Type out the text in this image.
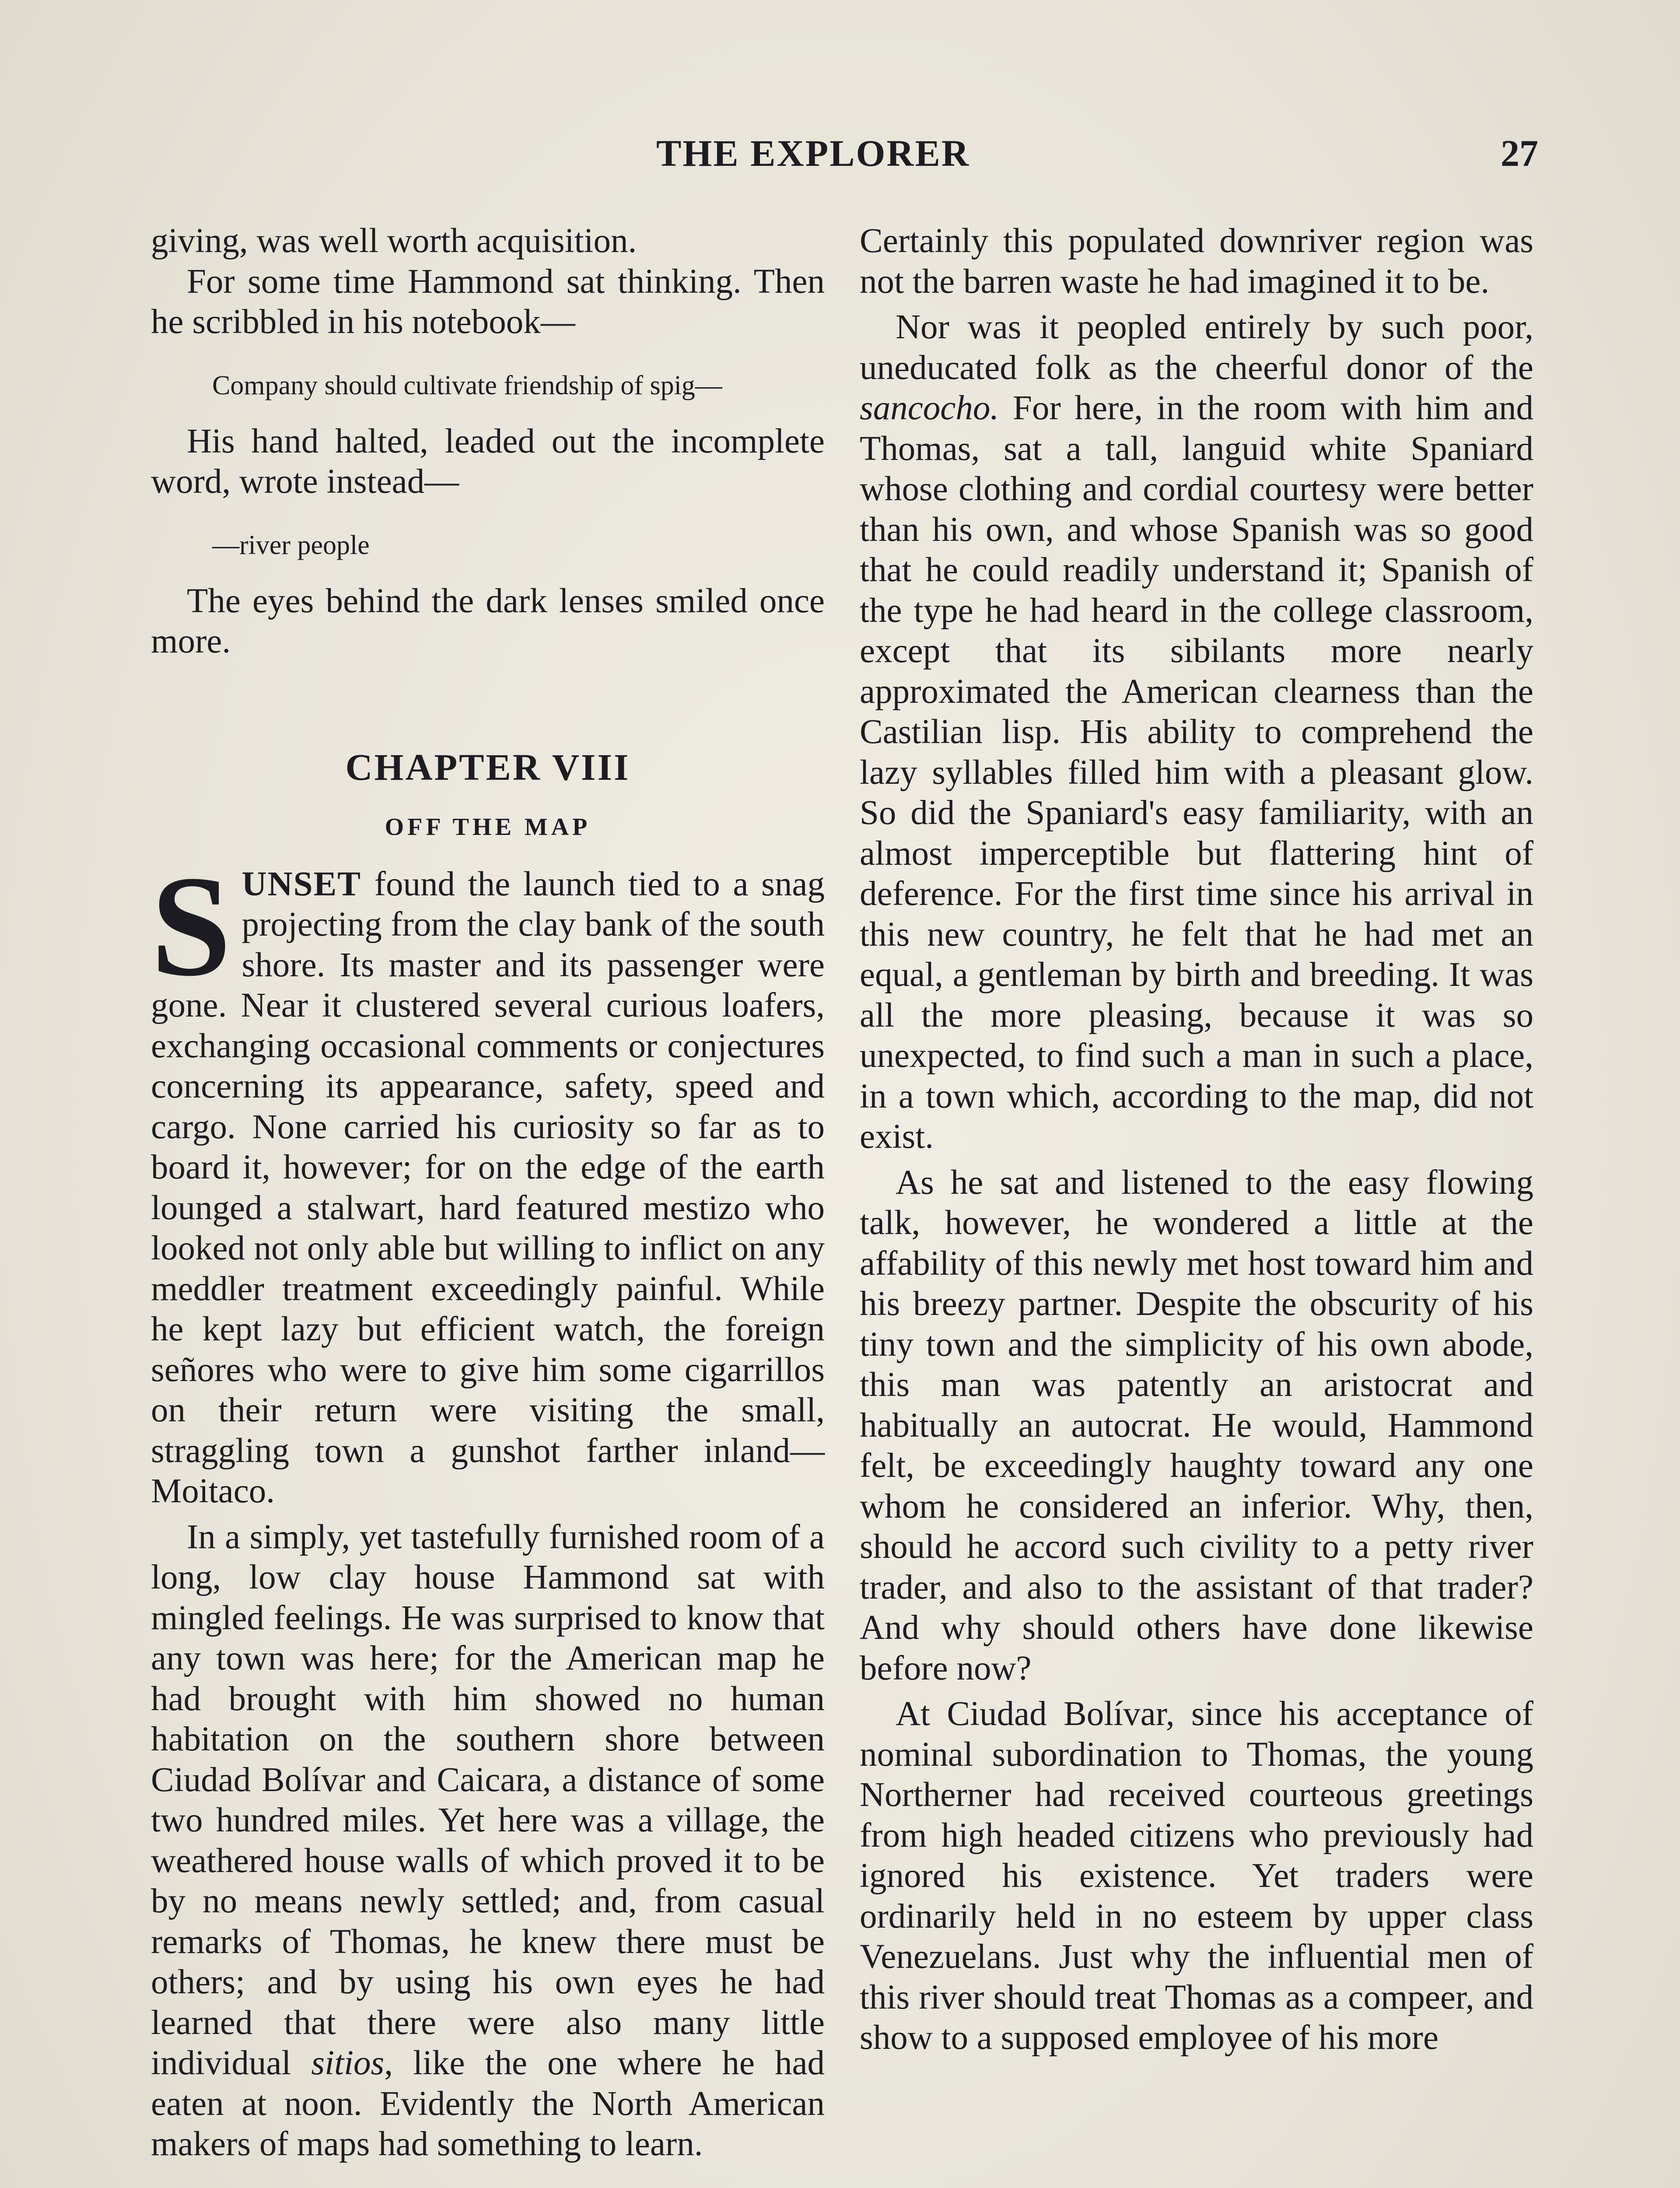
THE EXPLORER	27

giving, was well worth acquisition.

For some time Hammond sat thinking. Then he scribbled in his notebook—

Company should cultivate friendship of spig—

His hand halted, leaded out the incomplete word, wrote instead—

—river people

The eyes behind the dark lenses smiled once more.

CHAPTER VIII

OFF THE MAP

SUNSET found the launch tied to a snag projecting from the clay bank of the south shore. Its master and its passenger were gone. Near it clustered several curious loafers, exchanging occasional comments or conjectures concerning its appearance, safety, speed and cargo. None carried his curiosity so far as to board it, however; for on the edge of the earth lounged a stalwart, hard featured mestizo who looked not only able but willing to inflict on any meddler treatment exceedingly painful. While he kept lazy but efficient watch, the foreign señores who were to give him some cigarrillos on their return were visiting the small, straggling town a gunshot farther inland—Moitaco.

In a simply, yet tastefully furnished room of a long, low clay house Hammond sat with mingled feelings. He was surprised to know that any town was here; for the American map he had brought with him showed no human habitation on the southern shore between Ciudad Bolívar and Caicara, a distance of some two hundred miles. Yet here was a village, the weathered house walls of which proved it to be by no means newly settled; and, from casual remarks of Thomas, he knew there must be others; and by using his own eyes he had learned that there were also many little individual sitios, like the one where he had eaten at noon. Evidently the North American makers of maps had something to learn.

Certainly this populated downriver region was not the barren waste he had imagined it to be.

Nor was it peopled entirely by such poor, uneducated folk as the cheerful donor of the sancocho. For here, in the room with him and Thomas, sat a tall, languid white Spaniard whose clothing and cordial courtesy were better than his own, and whose Spanish was so good that he could readily understand it; Spanish of the type he had heard in the college classroom, except that its sibilants more nearly approximated the American clearness than the Castilian lisp. His ability to comprehend the lazy syllables filled him with a pleasant glow. So did the Spaniard's easy familiarity, with an almost imperceptible but flattering hint of deference. For the first time since his arrival in this new country, he felt that he had met an equal, a gentleman by birth and breeding. It was all the more pleasing, because it was so unexpected, to find such a man in such a place, in a town which, according to the map, did not exist.

As he sat and listened to the easy flowing talk, however, he wondered a little at the affability of this newly met host toward him and his breezy partner. Despite the obscurity of his tiny town and the simplicity of his own abode, this man was patently an aristocrat and habitually an autocrat. He would, Hammond felt, be exceedingly haughty toward any one whom he considered an inferior. Why, then, should he accord such civility to a petty river trader, and also to the assistant of that trader? And why should others have done likewise before now?

At Ciudad Bolívar, since his acceptance of nominal subordination to Thomas, the young Northerner had received courteous greetings from high headed citizens who previously had ignored his existence. Yet traders were ordinarily held in no esteem by upper class Venezuelans. Just why the influential men of this river should treat Thomas as a compeer, and show to a supposed employee of his more
